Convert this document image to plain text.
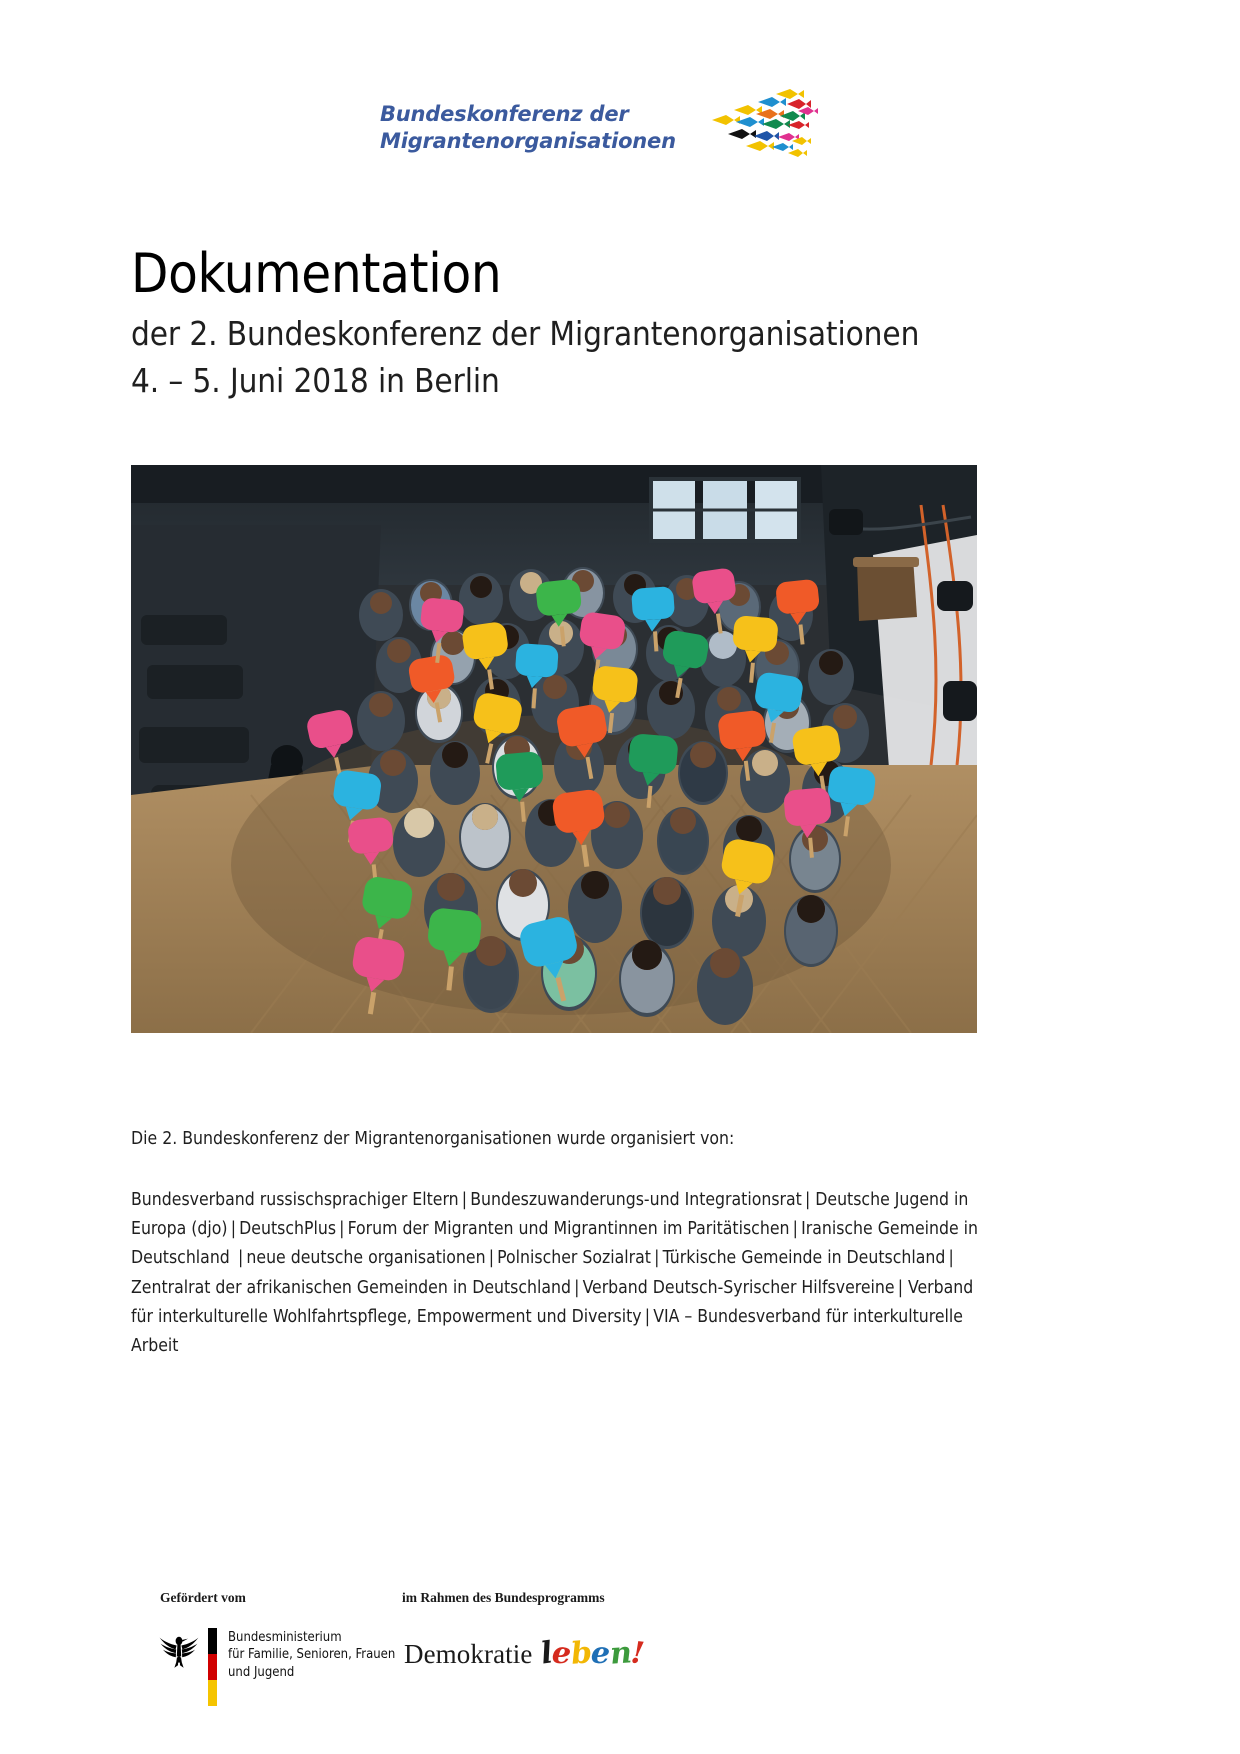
Bundeskonferenz der
Migrantenorganisationen
Dokumentation

der 2. Bundeskonferenz der Migrantenorganisationen
4. – 5. Juni 2018 in Berlin

Die 2. Bundeskonferenz der Migrantenorganisationen wurde organisiert von:

Bundesverband russischsprachiger Eltern | Bundeszuwanderungs-und Integrationsrat | Deutsche Jugend in Europa (djo) | DeutschPlus | Forum der Migranten und Migrantinnen im Paritätischen | Iranische Gemeinde in Deutschland  | neue deutsche organisationen | Polnischer Sozialrat | Türkische Gemeinde in Deutschland | Zentralrat der afrikanischen Gemeinden in Deutschland | Verband Deutsch-Syrischer Hilfsvereine | Verband für interkulturelle Wohlfahrtspflege, Empowerment und Diversity | VIA – Bundesverband für interkulturelle Arbeit

Gefördert vom	im Rahmen des Bundesprogramms
Bundesministerium
für Familie, Senioren, Frauen
und Jugend
Demokratie leben!
